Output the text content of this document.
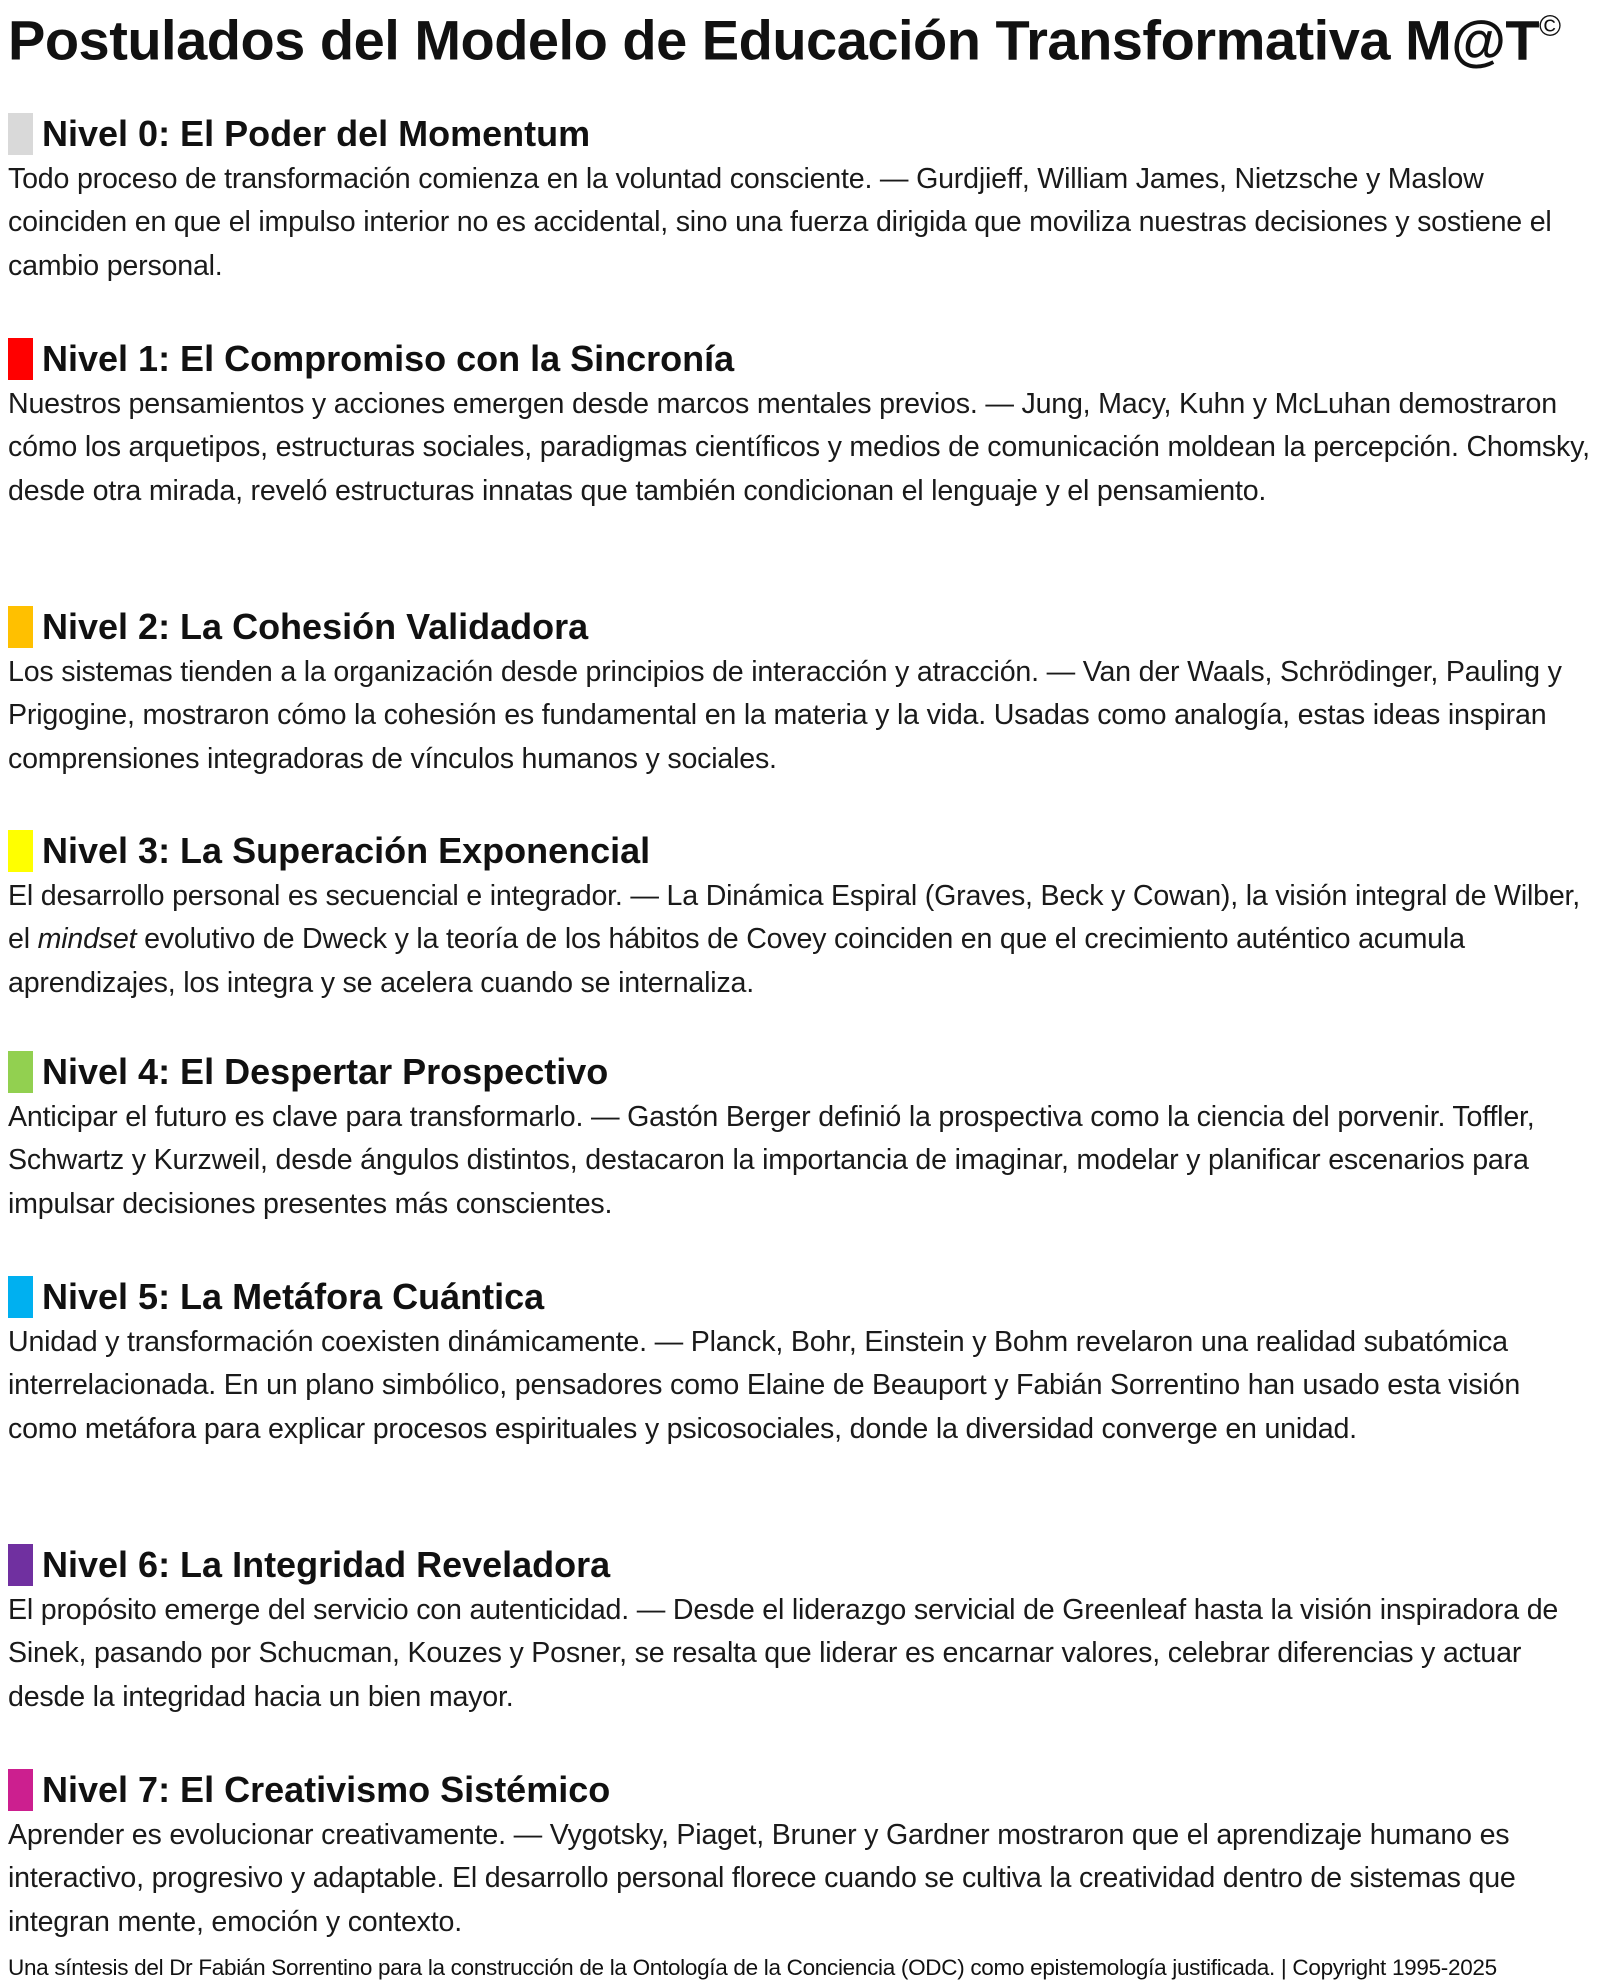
Postulados del Modelo de Educación Transformativa M@T©
Nivel 0: El Poder del Momentum

Todo proceso de transformación comienza en la voluntad consciente. — Gurdjieff, William James, Nietzsche y Maslow coinciden en que el impulso interior no es accidental, sino una fuerza dirigida que moviliza nuestras decisiones y sostiene el cambio personal.

Nivel 1: El Compromiso con la Sincronía

Nuestros pensamientos y acciones emergen desde marcos mentales previos. — Jung, Macy, Kuhn y McLuhan demostraron cómo los arquetipos, estructuras sociales, paradigmas científicos y medios de comunicación moldean la percepción. Chomsky, desde otra mirada, reveló estructuras innatas que también condicionan el lenguaje y el pensamiento.

Nivel 2: La Cohesión Validadora

Los sistemas tienden a la organización desde principios de interacción y atracción. — Van der Waals, Schrödinger, Pauling y Prigogine, mostraron cómo la cohesión es fundamental en la materia y la vida. Usadas como analogía, estas ideas inspiran comprensiones integradoras de vínculos humanos y sociales.

Nivel 3: La Superación Exponencial

El desarrollo personal es secuencial e integrador. — La Dinámica Espiral (Graves, Beck y Cowan), la visión integral de Wilber, el mindset evolutivo de Dweck y la teoría de los hábitos de Covey coinciden en que el crecimiento auténtico acumula aprendizajes, los integra y se acelera cuando se internaliza.

Nivel 4: El Despertar Prospectivo

Anticipar el futuro es clave para transformarlo. — Gastón Berger definió la prospectiva como la ciencia del porvenir. Toffler, Schwartz y Kurzweil, desde ángulos distintos, destacaron la importancia de imaginar, modelar y planificar escenarios para impulsar decisiones presentes más conscientes.

Nivel 5: La Metáfora Cuántica

Unidad y transformación coexisten dinámicamente. — Planck, Bohr, Einstein y Bohm revelaron una realidad subatómica interrelacionada. En un plano simbólico, pensadores como Elaine de Beauport y Fabián Sorrentino han usado esta visión como metáfora para explicar procesos espirituales y psicosociales, donde la diversidad converge en unidad.

Nivel 6: La Integridad Reveladora

El propósito emerge del servicio con autenticidad. — Desde el liderazgo servicial de Greenleaf hasta la visión inspiradora de Sinek, pasando por Schucman, Kouzes y Posner, se resalta que liderar es encarnar valores, celebrar diferencias y actuar desde la integridad hacia un bien mayor.

Nivel 7: El Creativismo Sistémico

Aprender es evolucionar creativamente. — Vygotsky, Piaget, Bruner y Gardner mostraron que el aprendizaje humano es interactivo, progresivo y adaptable. El desarrollo personal florece cuando se cultiva la creatividad dentro de sistemas que integran mente, emoción y contexto.

Una síntesis del Dr Fabián Sorrentino para la construcción de la Ontología de la Conciencia (ODC) como epistemología justificada. | Copyright 1995-2025
